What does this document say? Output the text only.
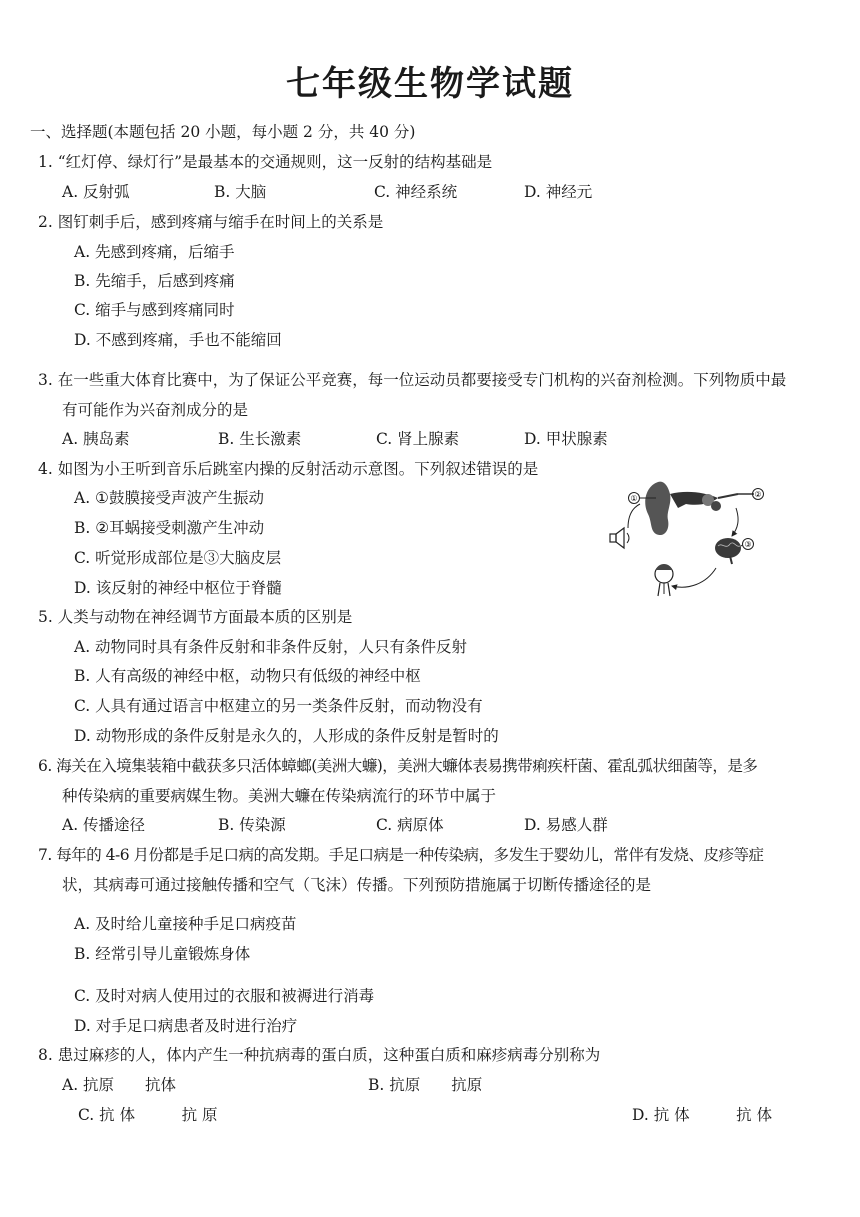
七年级生物学试题
一、选择题(本题包括 20 小题，每小题 2 分，共 40 分)
1. “红灯停、绿灯行”是最基本的交通规则，这一反射的结构基础是
A. 反射弧	B. 大脑	C. 神经系统	D. 神经元
2. 图钉刺手后，感到疼痛与缩手在时间上的关系是
A. 先感到疼痛，后缩手
B. 先缩手，后感到疼痛
C. 缩手与感到疼痛同时
D. 不感到疼痛，手也不能缩回
3. 在一些重大体育比赛中，为了保证公平竞赛，每一位运动员都要接受专门机构的兴奋剂检测。下列物质中最
有可能作为兴奋剂成分的是
A. 胰岛素	B. 生长激素	C. 肾上腺素	D. 甲状腺素
4. 如图为小王听到音乐后跳室内操的反射活动示意图。下列叙述错误的是
A. ①鼓膜接受声波产生振动
B. ②耳蜗接受刺激产生冲动
C. 听觉形成部位是③大脑皮层
D. 该反射的神经中枢位于脊髓
①	②
③
5. 人类与动物在神经调节方面最本质的区别是
A. 动物同时具有条件反射和非条件反射，人只有条件反射
B. 人有高级的神经中枢，动物只有低级的神经中枢
C. 人具有通过语言中枢建立的另一类条件反射，而动物没有
D. 动物形成的条件反射是永久的，人形成的条件反射是暂时的
6. 海关在入境集装箱中截获多只活体蟑螂(美洲大蠊)，美洲大蠊体表易携带痢疾杆菌、霍乱弧状细菌等，是多
种传染病的重要病媒生物。美洲大蠊在传染病流行的环节中属于
A. 传播途径	B. 传染源	C. 病原体	D. 易感人群
7. 每年的 4-6 月份都是手足口病的高发期。手足口病是一种传染病，多发生于婴幼儿，常伴有发烧、皮疹等症
状，其病毒可通过接触传播和空气（飞沫）传播。下列预防措施属于切断传播途径的是
A. 及时给儿童接种手足口病疫苗
B. 经常引导儿童锻炼身体
C. 及时对病人使用过的衣服和被褥进行消毒
D. 对手足口病患者及时进行治疗
8. 患过麻疹的人，体内产生一种抗病毒的蛋白质，这种蛋白质和麻疹病毒分别称为
A. 抗原　　抗体	B. 抗原　　抗原
C. 抗 体　　　抗 原	D. 抗 体　　　抗 体
